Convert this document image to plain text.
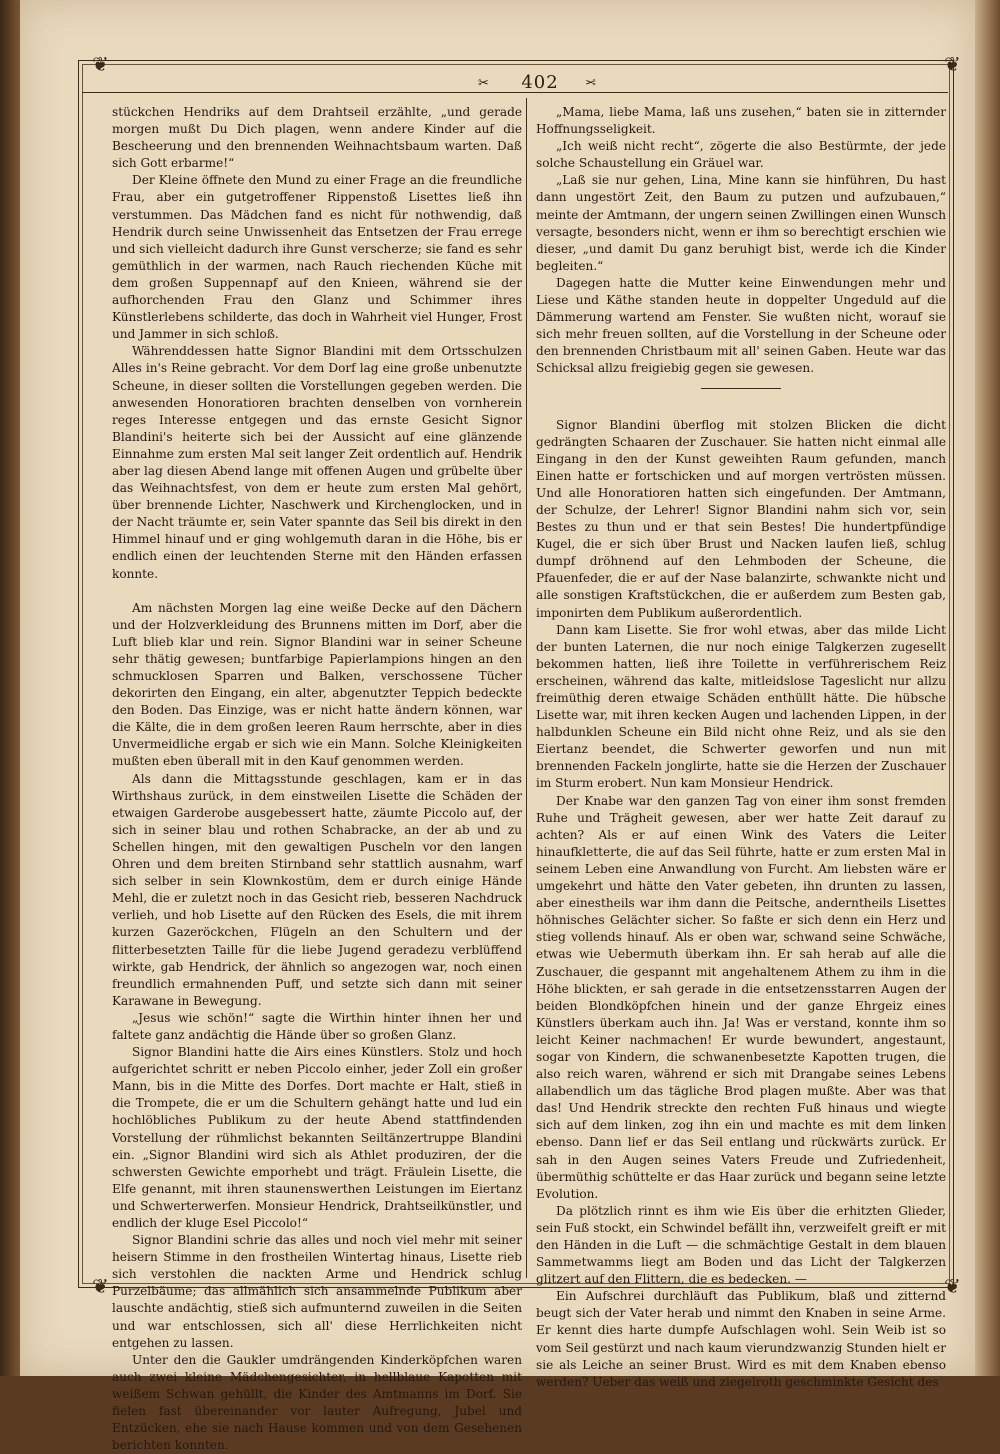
❦	❦
❦	❦
✂	402	✂

stückchen Hendriks auf dem Drahtseil erzählte, „und gerade morgen mußt Du Dich plagen, wenn andere Kinder auf die Bescheerung und den brennenden Weihnachtsbaum warten. Daß sich Gott erbarme!“

Der Kleine öffnete den Mund zu einer Frage an die freundliche Frau, aber ein gutgetroffener Rippenstoß Lisettes ließ ihn verstummen. Das Mädchen fand es nicht für nothwendig, daß Hendrik durch seine Unwissenheit das Entsetzen der Frau errege und sich vielleicht dadurch ihre Gunst verscherze; sie fand es sehr gemüthlich in der warmen, nach Rauch riechenden Küche mit dem großen Suppennapf auf den Knieen, während sie der aufhorchenden Frau den Glanz und Schimmer ihres Künstlerlebens schilderte, das doch in Wahrheit viel Hunger, Frost und Jammer in sich schloß.

Währenddessen hatte Signor Blandini mit dem Ortsschulzen Alles in's Reine gebracht. Vor dem Dorf lag eine große unbenutzte Scheune, in dieser sollten die Vorstellungen gegeben werden. Die anwesenden Honoratioren brachten denselben von vornherein reges Interesse entgegen und das ernste Gesicht Signor Blandini's heiterte sich bei der Aussicht auf eine glänzende Einnahme zum ersten Mal seit langer Zeit ordentlich auf. Hendrik aber lag diesen Abend lange mit offenen Augen und grübelte über das Weihnachtsfest, von dem er heute zum ersten Mal gehört, über brennende Lichter, Naschwerk und Kirchenglocken, und in der Nacht träumte er, sein Vater spannte das Seil bis direkt in den Himmel hinauf und er ging wohlgemuth daran in die Höhe, bis er endlich einen der leuchtenden Sterne mit den Händen erfassen konnte.

Am nächsten Morgen lag eine weiße Decke auf den Dächern und der Holzverkleidung des Brunnens mitten im Dorf, aber die Luft blieb klar und rein. Signor Blandini war in seiner Scheune sehr thätig gewesen; buntfarbige Papierlampions hingen an den schmucklosen Sparren und Balken, verschossene Tücher dekorirten den Eingang, ein alter, abgenutzter Teppich bedeckte den Boden. Das Einzige, was er nicht hatte ändern können, war die Kälte, die in dem großen leeren Raum herrschte, aber in dies Unvermeidliche ergab er sich wie ein Mann. Solche Kleinigkeiten mußten eben überall mit in den Kauf genommen werden.

Als dann die Mittagsstunde geschlagen, kam er in das Wirthshaus zurück, in dem einstweilen Lisette die Schäden der etwaigen Garderobe ausgebessert hatte, zäumte Piccolo auf, der sich in seiner blau und rothen Schabracke, an der ab und zu Schellen hingen, mit den gewaltigen Puscheln vor den langen Ohren und dem breiten Stirnband sehr stattlich ausnahm, warf sich selber in sein Klownkostüm, dem er durch einige Hände Mehl, die er zuletzt noch in das Gesicht rieb, besseren Nachdruck verlieh, und hob Lisette auf den Rücken des Esels, die mit ihrem kurzen Gazeröckchen, Flügeln an den Schultern und der flitterbesetzten Taille für die liebe Jugend geradezu verblüffend wirkte, gab Hendrick, der ähnlich so angezogen war, noch einen freundlich ermahnenden Puff, und setzte sich dann mit seiner Karawane in Bewegung.

„Jesus wie schön!“ sagte die Wirthin hinter ihnen her und faltete ganz andächtig die Hände über so großen Glanz.

Signor Blandini hatte die Airs eines Künstlers. Stolz und hoch aufgerichtet schritt er neben Piccolo einher, jeder Zoll ein großer Mann, bis in die Mitte des Dorfes. Dort machte er Halt, stieß in die Trompete, die er um die Schultern gehängt hatte und lud ein hochlöbliches Publikum zu der heute Abend stattfindenden Vorstellung der rühmlichst bekannten Seiltänzertruppe Blandini ein. „Signor Blandini wird sich als Athlet produziren, der die schwersten Gewichte emporhebt und trägt. Fräulein Lisette, die Elfe genannt, mit ihren staunenswerthen Leistungen im Eiertanz und Schwerterwerfen. Monsieur Hendrick, Drahtseilkünstler, und endlich der kluge Esel Piccolo!“

Signor Blandini schrie das alles und noch viel mehr mit seiner heisern Stimme in den frostheilen Wintertag hinaus, Lisette rieb sich verstohlen die nackten Arme und Hendrick schlug Purzelbäume; das allmählich sich ansammelnde Publikum aber lauschte andächtig, stieß sich aufmunternd zuweilen in die Seiten und war entschlossen, sich all' diese Herrlichkeiten nicht entgehen zu lassen.

Unter den die Gaukler umdrängenden Kinderköpfchen waren auch zwei kleine Mädchengesichter, in hellblaue Kapotten mit weißem Schwan gehüllt, die Kinder des Amtmanns im Dorf. Sie fielen fast übereinander vor lauter Aufregung, Jubel und Entzücken, ehe sie nach Hause kommen und von dem Gesehenen berichten konnten.

„Mama, liebe Mama, laß uns zusehen,“ baten sie in zitternder Hoffnungsseligkeit.

„Ich weiß nicht recht“, zögerte die also Bestürmte, der jede solche Schaustellung ein Gräuel war.

„Laß sie nur gehen, Lina, Mine kann sie hinführen, Du hast dann ungestört Zeit, den Baum zu putzen und aufzubauen,“ meinte der Amtmann, der ungern seinen Zwillingen einen Wunsch versagte, besonders nicht, wenn er ihm so berechtigt erschien wie dieser, „und damit Du ganz beruhigt bist, werde ich die Kinder begleiten.“

Dagegen hatte die Mutter keine Einwendungen mehr und Liese und Käthe standen heute in doppelter Ungeduld auf die Dämmerung wartend am Fenster. Sie wußten nicht, worauf sie sich mehr freuen sollten, auf die Vorstellung in der Scheune oder den brennenden Christbaum mit all' seinen Gaben. Heute war das Schicksal allzu freigiebig gegen sie gewesen.

Signor Blandini überflog mit stolzen Blicken die dicht gedrängten Schaaren der Zuschauer. Sie hatten nicht einmal alle Eingang in den der Kunst geweihten Raum gefunden, manch Einen hatte er fortschicken und auf morgen vertrösten müssen. Und alle Honoratioren hatten sich eingefunden. Der Amtmann, der Schulze, der Lehrer! Signor Blandini nahm sich vor, sein Bestes zu thun und er that sein Bestes! Die hundertpfündige Kugel, die er sich über Brust und Nacken laufen ließ, schlug dumpf dröhnend auf den Lehmboden der Scheune, die Pfauenfeder, die er auf der Nase balanzirte, schwankte nicht und alle sonstigen Kraftstückchen, die er außerdem zum Besten gab, imponirten dem Publikum außerordentlich.

Dann kam Lisette. Sie fror wohl etwas, aber das milde Licht der bunten Laternen, die nur noch einige Talgkerzen zugesellt bekommen hatten, ließ ihre Toilette in verführerischem Reiz erscheinen, während das kalte, mitleidslose Tageslicht nur allzu freimüthig deren etwaige Schäden enthüllt hätte. Die hübsche Lisette war, mit ihren kecken Augen und lachenden Lippen, in der halbdunklen Scheune ein Bild nicht ohne Reiz, und als sie den Eiertanz beendet, die Schwerter geworfen und nun mit brennenden Fackeln jonglirte, hatte sie die Herzen der Zuschauer im Sturm erobert. Nun kam Monsieur Hendrick.

Der Knabe war den ganzen Tag von einer ihm sonst fremden Ruhe und Trägheit gewesen, aber wer hatte Zeit darauf zu achten? Als er auf einen Wink des Vaters die Leiter hinaufkletterte, die auf das Seil führte, hatte er zum ersten Mal in seinem Leben eine Anwandlung von Furcht. Am liebsten wäre er umgekehrt und hätte den Vater gebeten, ihn drunten zu lassen, aber einestheils war ihm dann die Peitsche, anderntheils Lisettes höhnisches Gelächter sicher. So faßte er sich denn ein Herz und stieg vollends hinauf. Als er oben war, schwand seine Schwäche, etwas wie Uebermuth überkam ihn. Er sah herab auf alle die Zuschauer, die gespannt mit angehaltenem Athem zu ihm in die Höhe blickten, er sah gerade in die entsetzensstarren Augen der beiden Blondköpfchen hinein und der ganze Ehrgeiz eines Künstlers überkam auch ihn. Ja! Was er verstand, konnte ihm so leicht Keiner nachmachen! Er wurde bewundert, angestaunt, sogar von Kindern, die schwanenbesetzte Kapotten trugen, die also reich waren, während er sich mit Drangabe seines Lebens allabendlich um das tägliche Brod plagen mußte. Aber was that das! Und Hendrik streckte den rechten Fuß hinaus und wiegte sich auf dem linken, zog ihn ein und machte es mit dem linken ebenso. Dann lief er das Seil entlang und rückwärts zurück. Er sah in den Augen seines Vaters Freude und Zufriedenheit, übermüthig schüttelte er das Haar zurück und begann seine letzte Evolution.

Da plötzlich rinnt es ihm wie Eis über die erhitzten Glieder, sein Fuß stockt, ein Schwindel befällt ihn, verzweifelt greift er mit den Händen in die Luft — die schmächtige Gestalt in dem blauen Sammetwamms liegt am Boden und das Licht der Talgkerzen glitzert auf den Flittern, die es bedecken. —

Ein Aufschrei durchläuft das Publikum, blaß und zitternd beugt sich der Vater herab und nimmt den Knaben in seine Arme. Er kennt dies harte dumpfe Aufschlagen wohl. Sein Weib ist so vom Seil gestürzt und nach kaum vierundzwanzig Stunden hielt er sie als Leiche an seiner Brust. Wird es mit dem Knaben ebenso werden? Ueber das weiß und ziegelroth geschminkte Gesicht des
